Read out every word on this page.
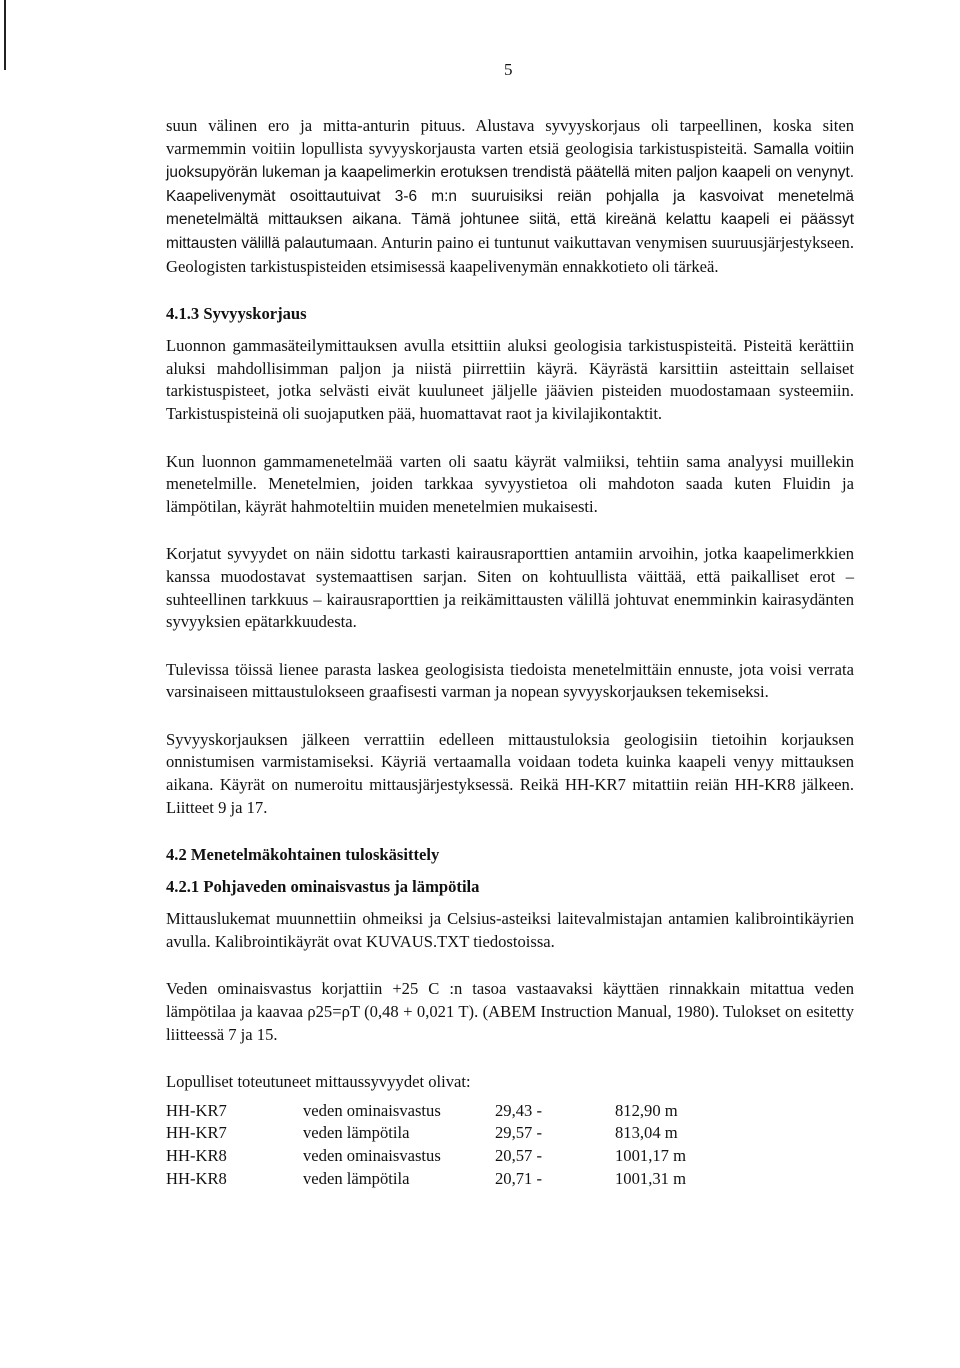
5

suun välinen ero ja mitta-anturin pituus. Alustava syvyyskorjaus oli tarpeellinen, koska siten varmemmin voitiin lopullista syvyyskorjausta varten etsiä geologisia tarkistuspisteitä. Samalla voitiin juoksupyörän lukeman ja kaapelimerkin erotuksen trendistä päätellä miten paljon kaapeli on venynyt. Kaapelivenymät osoittautuivat 3-6 m:n suuruisiksi reiän pohjalla ja kasvoivat menetelmä menetelmältä mittauksen aikana. Tämä johtunee siitä, että kireänä kelattu kaapeli ei päässyt mittausten välillä palautumaan. Anturin paino ei tuntunut vaikuttavan venymisen suuruusjärjestykseen. Geologisten tarkistuspisteiden etsimisessä kaapelivenymän ennakkotieto oli tärkeä.

4.1.3 Syvyyskorjaus

Luonnon gammasäteilymittauksen avulla etsittiin aluksi geologisia tarkistuspisteitä. Pisteitä kerättiin aluksi mahdollisimman paljon ja niistä piirrettiin käyrä. Käyrästä karsittiin asteittain sellaiset tarkistuspisteet, jotka selvästi eivät kuuluneet jäljelle jäävien pisteiden muodostamaan systeemiin. Tarkistuspisteinä oli suojaputken pää, huomattavat raot ja kivilajikontaktit.

Kun luonnon gammamenetelmää varten oli saatu käyrät valmiiksi, tehtiin sama analyysi muillekin menetelmille. Menetelmien, joiden tarkkaa syvyystietoa oli mahdoton saada kuten Fluidin ja lämpötilan, käyrät hahmoteltiin muiden menetelmien mukaisesti.

Korjatut syvyydet on näin sidottu tarkasti kairausraporttien antamiin arvoihin, jotka kaapelimerkkien kanssa muodostavat systemaattisen sarjan. Siten on kohtuullista väittää, että paikalliset erot – suhteellinen tarkkuus – kairausraporttien ja reikämittausten välillä johtuvat enemminkin kairasydänten syvyyksien epätarkkuudesta.

Tulevissa töissä lienee parasta laskea geologisista tiedoista menetelmittäin ennuste, jota voisi verrata varsinaiseen mittaustulokseen graafisesti varman ja nopean syvyyskorjauksen tekemiseksi.

Syvyyskorjauksen jälkeen verrattiin edelleen mittaustuloksia geologisiin tietoihin korjauksen onnistumisen varmistamiseksi. Käyriä vertaamalla voidaan todeta kuinka kaapeli venyy mittauksen aikana. Käyrät on numeroitu mittausjärjestyksessä. Reikä HH-KR7 mitattiin reiän HH-KR8 jälkeen. Liitteet 9 ja 17.

4.2 Menetelmäkohtainen tuloskäsittely
4.2.1 Pohjaveden ominaisvastus ja lämpötila

Mittauslukemat muunnettiin ohmeiksi ja Celsius-asteiksi laitevalmistajan antamien kalibrointikäyrien avulla. Kalibrointikäyrät ovat KUVAUS.TXT tiedostoissa.

Veden ominaisvastus korjattiin +25 C :n tasoa vastaavaksi käyttäen rinnakkain mitattua veden lämpötilaa ja kaavaa ρ25=ρT (0,48 + 0,021 T). (ABEM Instruction Manual, 1980). Tulokset on esitetty liitteessä 7 ja 15.

Lopulliset toteutuneet mittaussyvyydet olivat:

HH-KR7	veden ominaisvastus	29,43 -	812,90 m
HH-KR7	veden lämpötila	29,57 -	813,04 m
HH-KR8	veden ominaisvastus	20,57 -	1001,17 m
HH-KR8	veden lämpötila	20,71 -	1001,31 m
